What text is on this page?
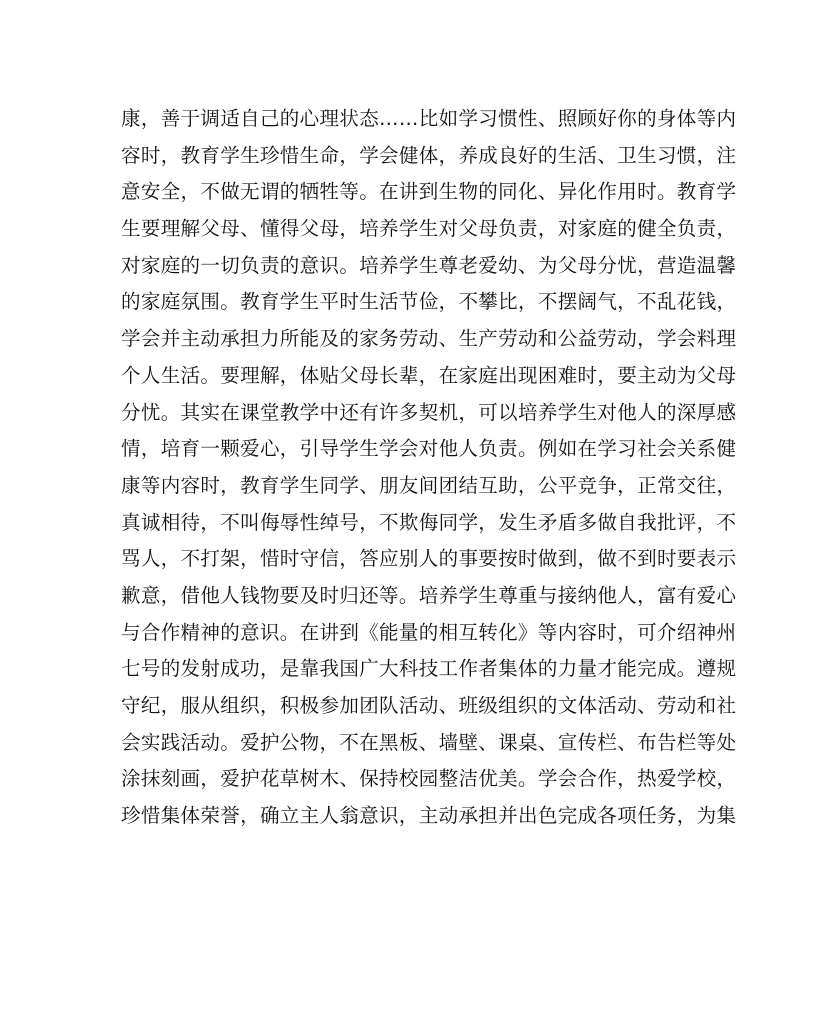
康，善于调适自己的心理状态……比如学习惯性、照顾好你的身体等内
容时，教育学生珍惜生命，学会健体，养成良好的生活、卫生习惯，注
意安全，不做无谓的牺牲等。在讲到生物的同化、异化作用时。教育学
生要理解父母、懂得父母，培养学生对父母负责，对家庭的健全负责，
对家庭的一切负责的意识。培养学生尊老爱幼、为父母分忧，营造温馨
的家庭氛围。教育学生平时生活节俭，不攀比，不摆阔气，不乱花钱，
学会并主动承担力所能及的家务劳动、生产劳动和公益劳动，学会料理
个人生活。要理解，体贴父母长辈，在家庭出现困难时，要主动为父母
分忧。其实在课堂教学中还有许多契机，可以培养学生对他人的深厚感
情，培育一颗爱心，引导学生学会对他人负责。例如在学习社会关系健
康等内容时，教育学生同学、朋友间团结互助，公平竞争，正常交往，
真诚相待，不叫侮辱性绰号，不欺侮同学，发生矛盾多做自我批评，不
骂人，不打架，惜时守信，答应别人的事要按时做到，做不到时要表示
歉意，借他人钱物要及时归还等。培养学生尊重与接纳他人，富有爱心
与合作精神的意识。在讲到《能量的相互转化》等内容时，可介绍神州
七号的发射成功，是靠我国广大科技工作者集体的力量才能完成。遵规
守纪，服从组织，积极参加团队活动、班级组织的文体活动、劳动和社
会实践活动。爱护公物，不在黑板、墙壁、课桌、宣传栏、布告栏等处
涂抹刻画，爱护花草树木、保持校园整洁优美。学会合作，热爱学校，
珍惜集体荣誉，确立主人翁意识，主动承担并出色完成各项任务，为集
